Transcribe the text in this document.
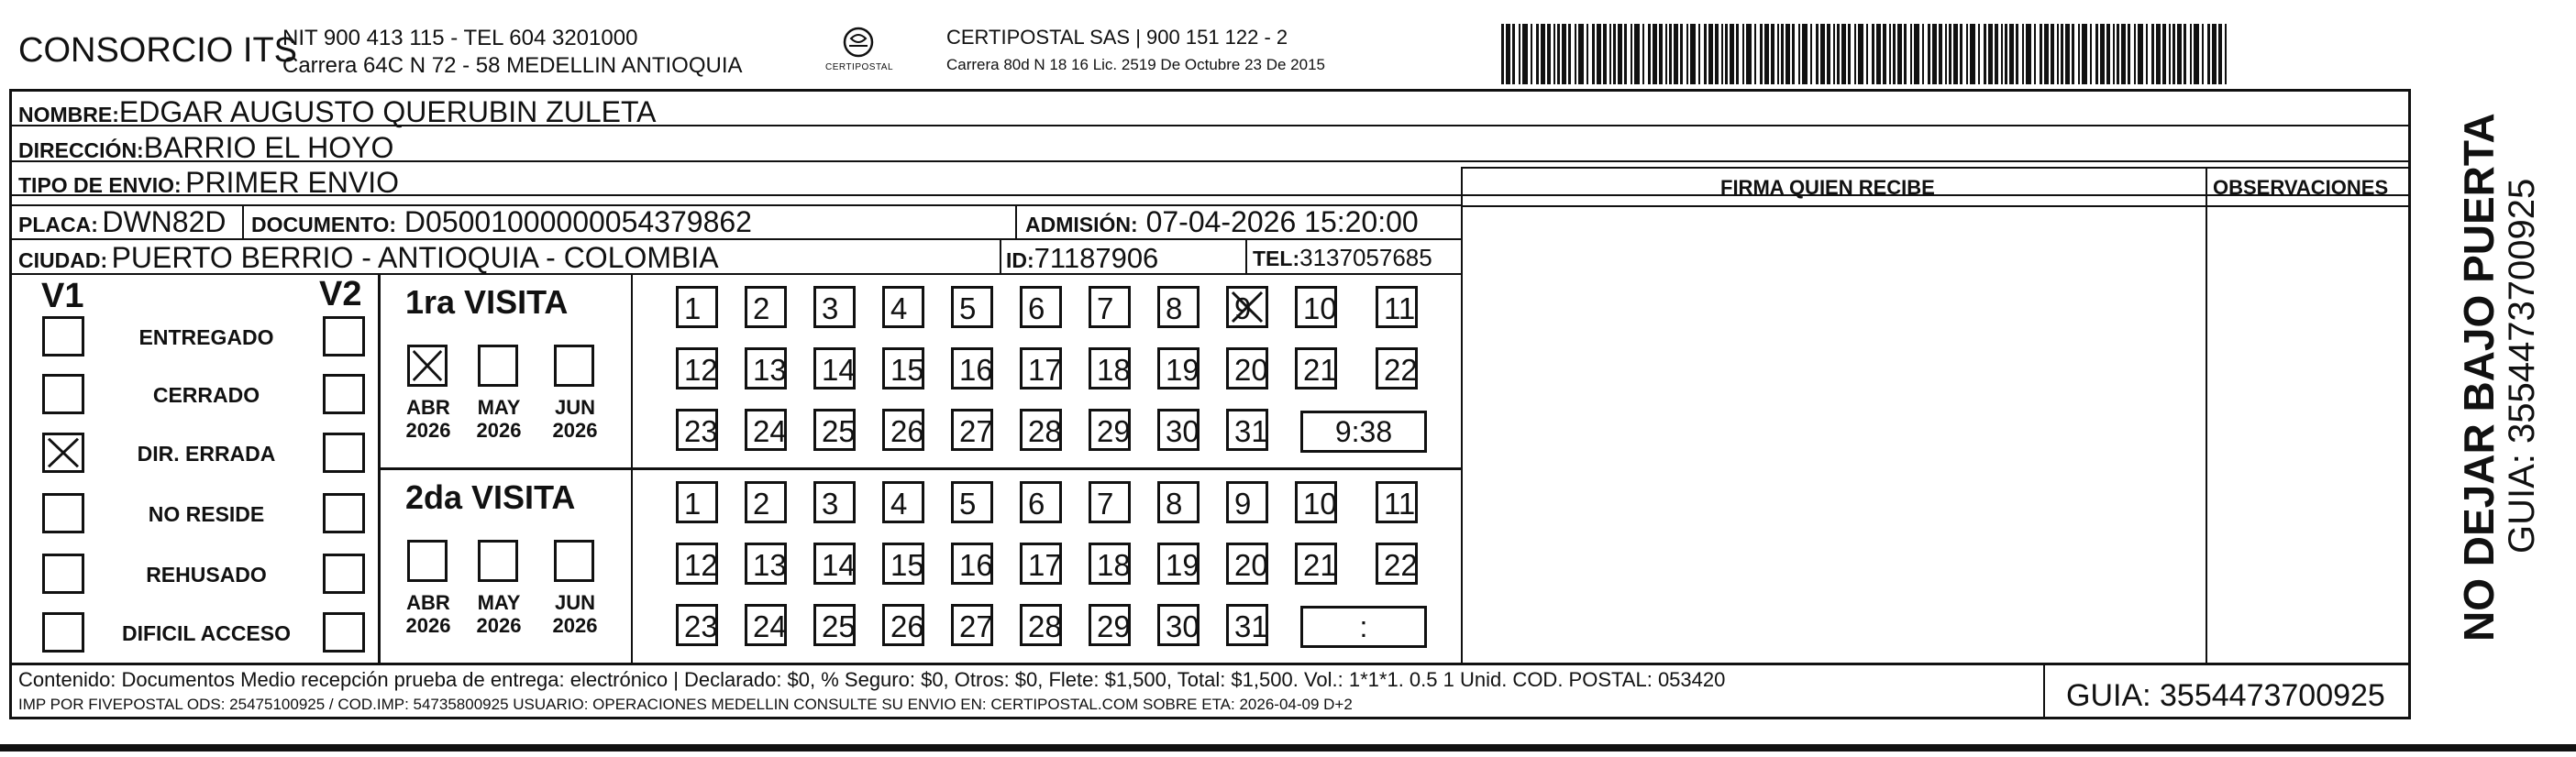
CONSORCIO ITS
NIT 900 413 115 - TEL 604 3201000
Carrera 64C N 72 - 58 MEDELLIN ANTIOQUIA	CERTIPOSTAL
CERTIPOSTAL SAS | 900 151 122 - 2
Carrera 80d N 18 16 Lic. 2519 De Octubre 23 De 2015
NOMBRE:EDGAR AUGUSTO QUERUBIN ZULETA
DIRECCIÓN:BARRIO EL HOYO
TIPO DE ENVIO: PRIMER ENVIO
PLACA: DWN82D DOCUMENTO: D05001000000054379862	ADMISIÓN: 07-04-2026 15:20:00
CIUDAD: PUERTO BERRIO - ANTIOQUIA - COLOMBIA	ID:71187906	TEL:3137057685
FIRMA QUIEN RECIBE	OBSERVACIONES
V1	V2
ENTREGADO
CERRADO
DIR. ERRADA
NO RESIDE
REHUSADO
DIFICIL ACCESO
1ra VISITA
ABR
2026
MAY
2026
JUN
2026
1 2 3 4 5 6 7 8 9 10 11
12 13 14 15 16 17 18 19 20 21 22
23 24 25 26 27 28 29 30 31	9:38
2da VISITA
ABR
2026
MAY
2026
JUN
2026
1 2 3 4 5 6 7 8 9 10 11
12 13 14 15 16 17 18 19 20 21 22
23 24 25 26 27 28 29 30 31	:
Contenido: Documentos Medio recepción prueba de entrega: electrónico | Declarado: $0, % Seguro: $0, Otros: $0, Flete: $1,500, Total: $1,500. Vol.: 1*1*1. 0.5 1 Unid. COD. POSTAL: 053420
IMP POR FIVEPOSTAL ODS: 25475100925 / COD.IMP: 54735800925 USUARIO: OPERACIONES MEDELLIN CONSULTE SU ENVIO EN: CERTIPOSTAL.COM SOBRE ETA: 2026-04-09 D+2	GUIA: 3554473700925
NO DEJAR BAJO PUERTA GUIA: 3554473700925
